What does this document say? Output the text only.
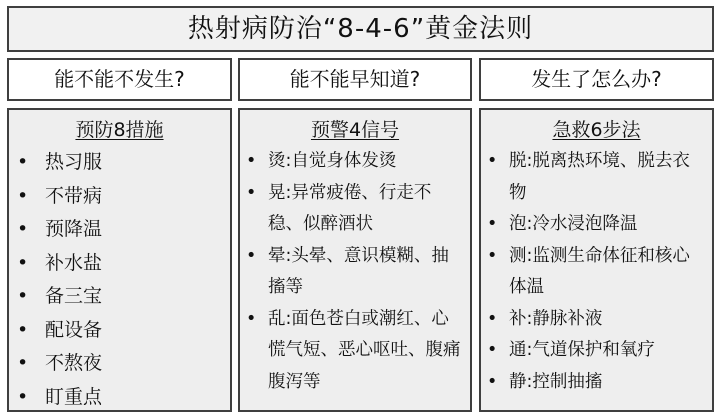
热射病防治“8-4-6”黄金法则
能不能不发生?	能不能早知道?	发生了怎么办?
预防8措施
• 热习服
• 不带病
• 预降温
• 补水盐
• 备三宝
• 配设备
• 不熬夜
• 盯重点
预警4信号
• 烫:自觉身体发烫
• 晃:异常疲倦、行走不稳、似醉酒状
• 晕:头晕、意识模糊、抽搐等
• 乱:面色苍白或潮红、心慌气短、恶心呕吐、腹痛腹泻等
急救6步法
• 脱:脱离热环境、脱去衣物
• 泡:冷水浸泡降温
• 测:监测生命体征和核心体温
• 补:静脉补液
• 通:气道保护和氧疗
• 静:控制抽搐
